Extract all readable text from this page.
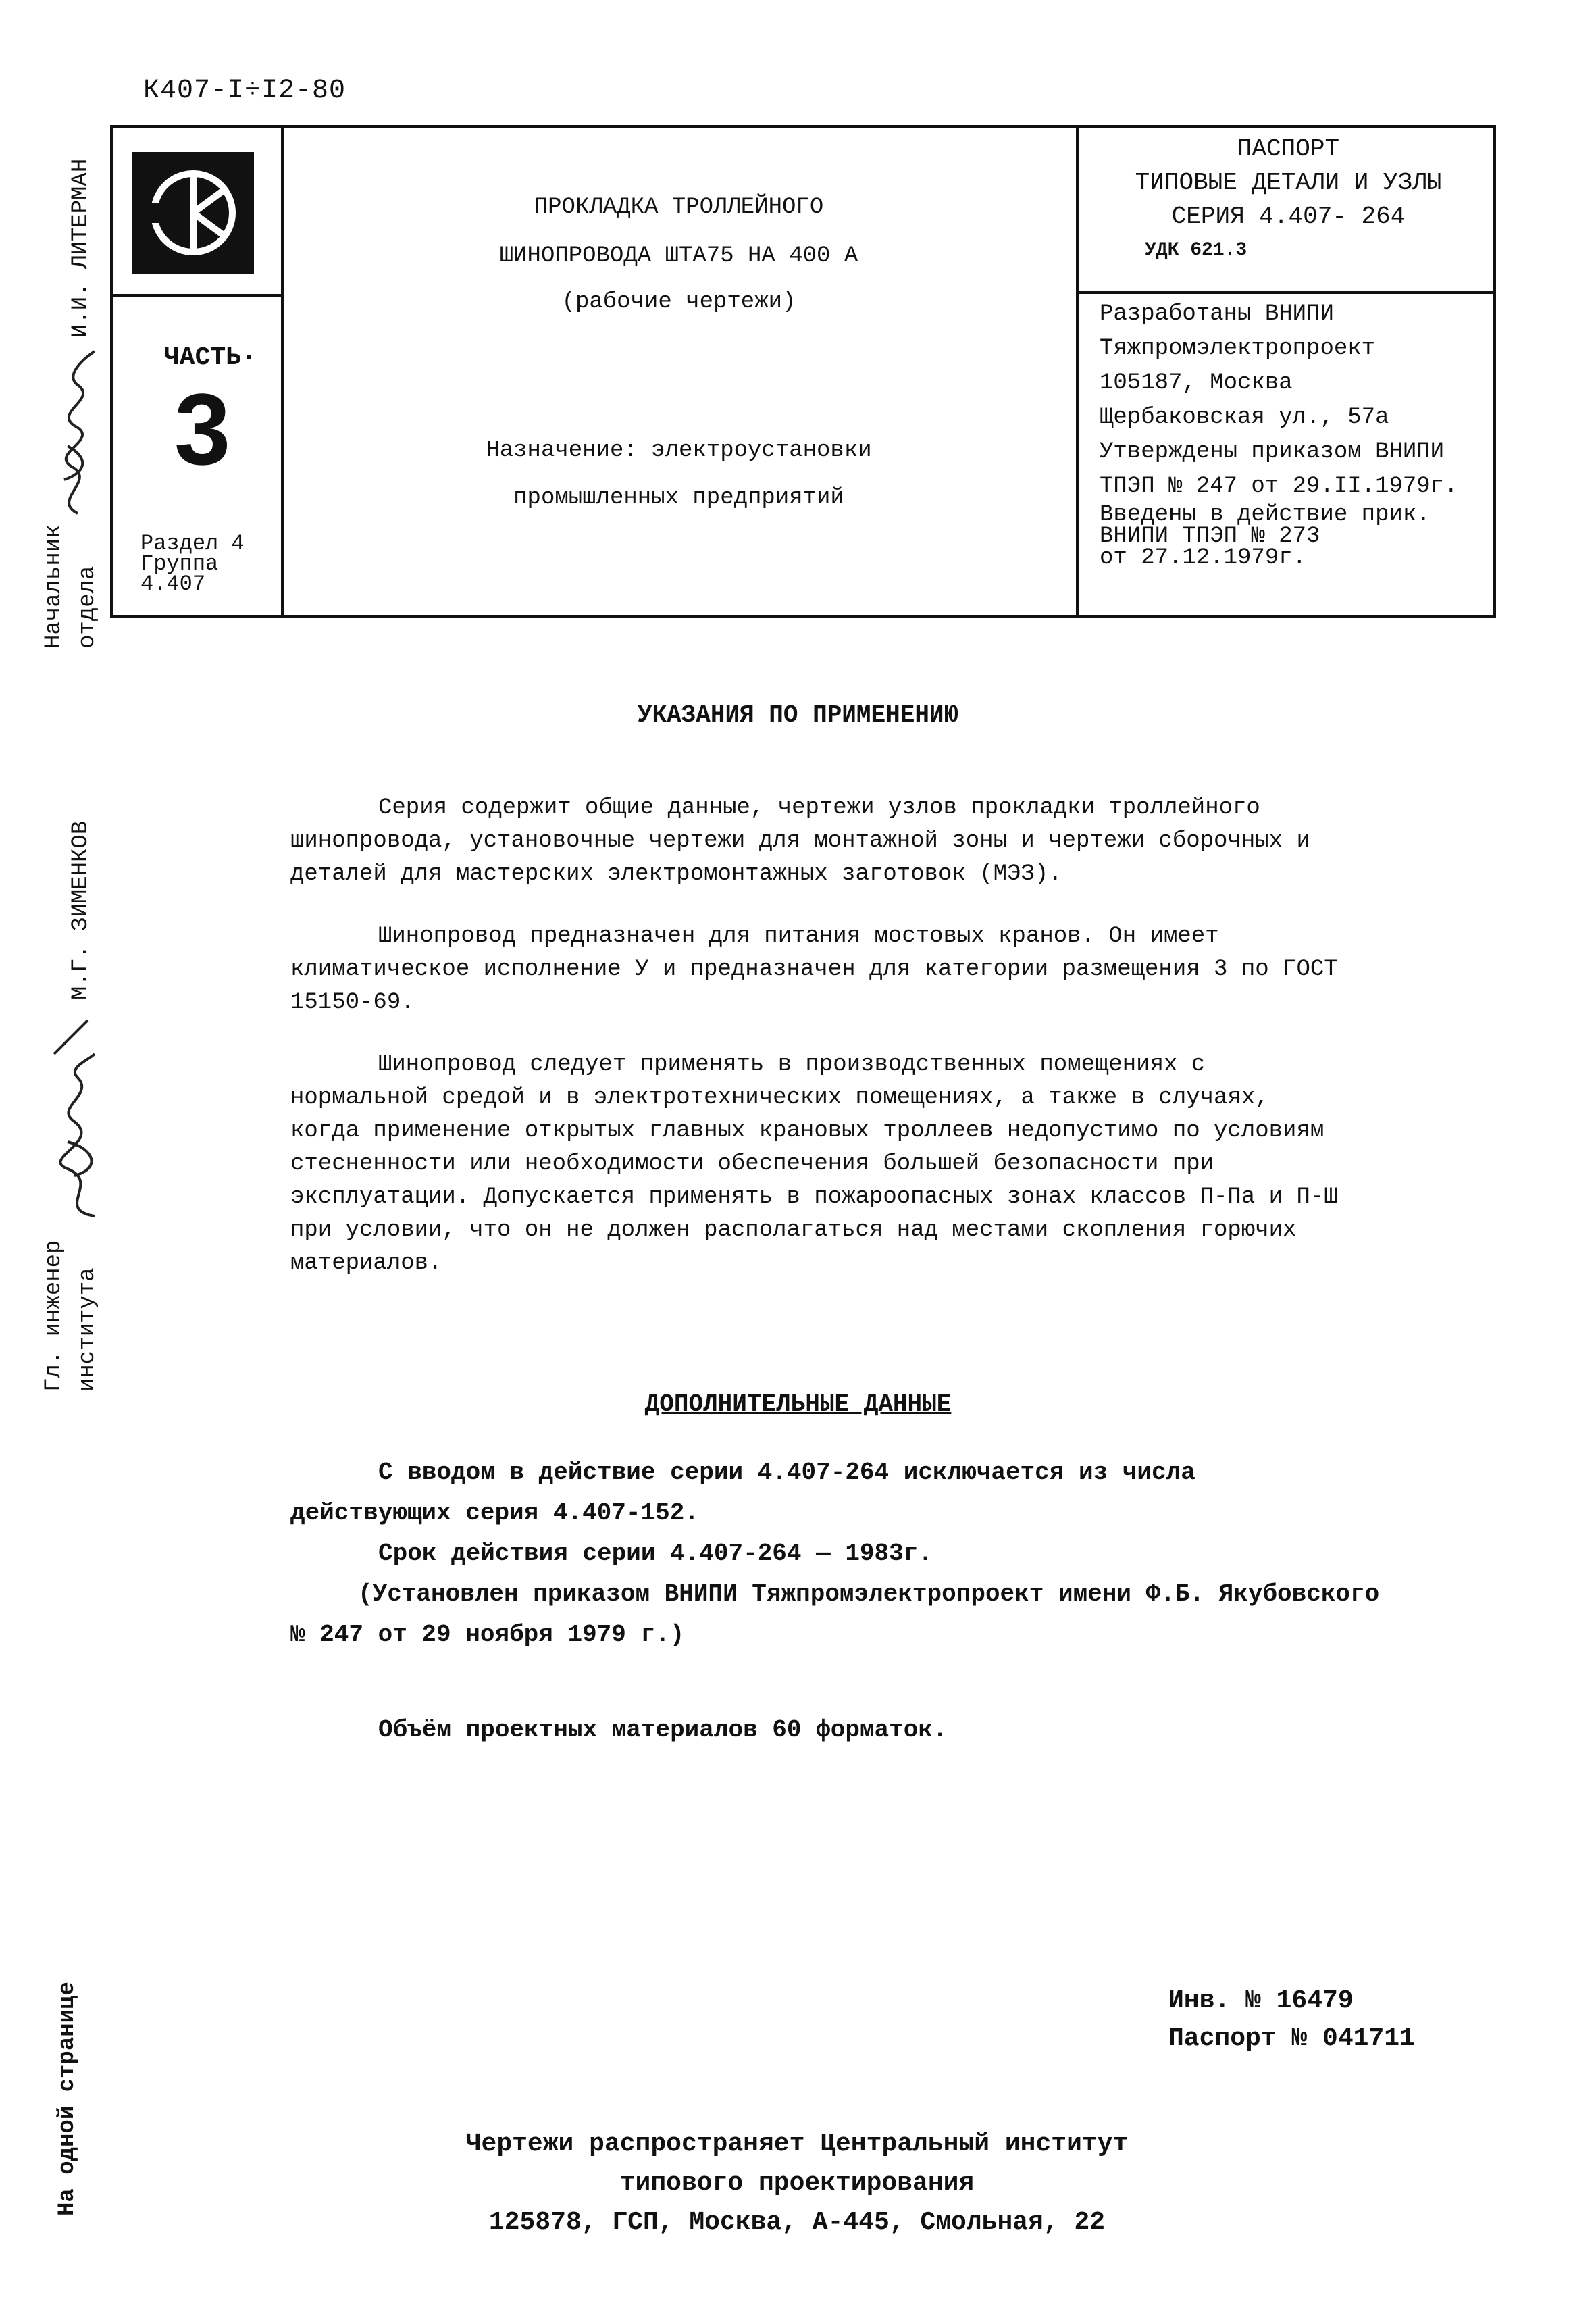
К407-I÷I2-80
ЧАСТЬ·
3
Раздел 4
Группа
4.407
ПРОКЛАДКА ТРОЛЛЕЙНОГО
ШИНОПРОВОДА ШТА75 НА 400 А
(рабочие чертежи)
Назначение: электроустановки
промышленных предприятий
ПАСПОРТ
ТИПОВЫЕ ДЕТАЛИ И УЗЛЫ
СЕРИЯ 4.407- 264
УДК 621.3
Разработаны ВНИПИ
Тяжпромэлектропроект
105187, Москва
Щербаковская ул., 57а
Утверждены приказом ВНИПИ
ТПЭП № 247 от 29.II.1979г.
Введены в действие прик.
ВНИПИ ТПЭП № 273
от 27.12.1979г.
Начальник отдела
И.И. ЛИТЕРМАН
Гл. инженер института
М.Г. ЗИМЕНКОВ
На одной странице
УКАЗАНИЯ ПО ПРИМЕНЕНИЮ

Серия содержит общие данные, чертежи узлов прокладки троллейного шинопровода, установочные чертежи для монтажной зоны и чертежи сборочных и деталей для мастерских электромонтажных заготовок (МЭЗ).

Шинопровод предназначен для питания мостовых кранов. Он имеет климатическое исполнение У и предназначен для категории размещения 3 по ГОСТ 15150-69.

Шинопровод следует применять в производственных помещениях с нормальной средой и в электротехнических помещениях, а также в случаях, когда применение открытых главных крановых троллеев недопустимо по условиям стесненности или необходимости обеспечения большей безопасности при эксплуатации. Допускается применять в пожароопасных зонах классов П-Па и П-Ш при условии, что он не должен располагаться над местами скопления горючих материалов.

ДОПОЛНИТЕЛЬНЫЕ ДАННЫЕ

С вводом в действие серии 4.407-264 исключается из числа

действующих серия 4.407-152.

Срок действия серии 4.407-264 — 1983г.

(Установлен приказом ВНИПИ Тяжпромэлектропроект имени Ф.Б. Якубовского

№ 247 от 29 ноября 1979 г.)

Объём проектных материалов 60 форматок.
Инв. № 16479
Паспорт № 041711
Чертежи распространяет Центральный институт
типового проектирования
125878, ГСП, Москва, А-445, Смольная, 22
